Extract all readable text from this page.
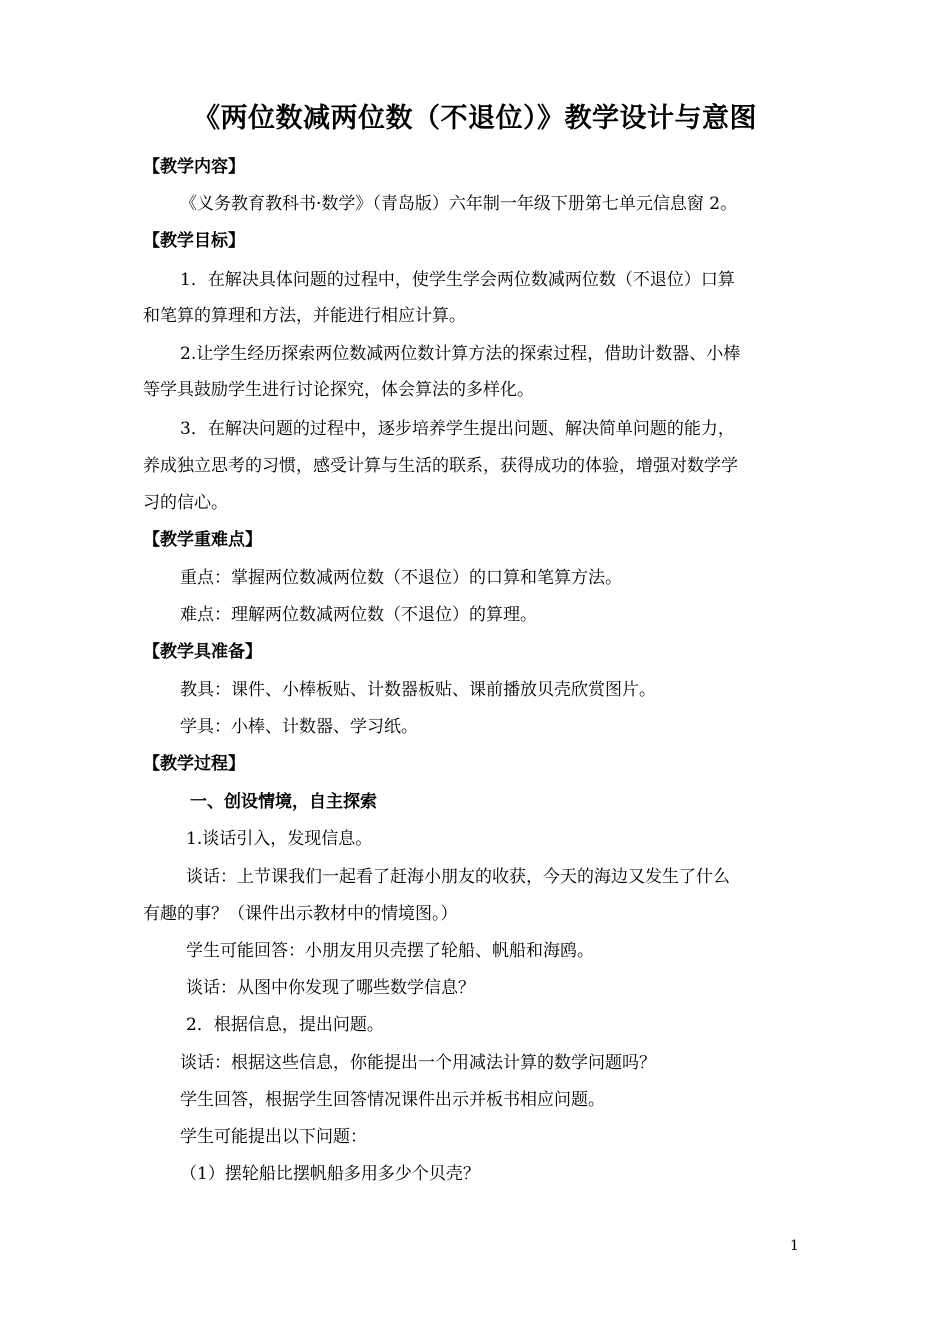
《两位数减两位数（不退位）》教学设计与意图
【教学内容】
《义务教育教科书·数学》（青岛版）六年制一年级下册第七单元信息窗 2。
【教学目标】
1．在解决具体问题的过程中，使学生学会两位数减两位数（不退位）口算
和笔算的算理和方法，并能进行相应计算。
2.让学生经历探索两位数减两位数计算方法的探索过程，借助计数器、小棒
等学具鼓励学生进行讨论探究，体会算法的多样化。
3．在解决问题的过程中，逐步培养学生提出问题、解决简单问题的能力，
养成独立思考的习惯，感受计算与生活的联系，获得成功的体验，增强对数学学
习的信心。
【教学重难点】
重点：掌握两位数减两位数（不退位）的口算和笔算方法。
难点：理解两位数减两位数（不退位）的算理。
【教学具准备】
教具：课件、小棒板贴、计数器板贴、课前播放贝壳欣赏图片。
学具：小棒、计数器、学习纸。
【教学过程】
一、创设情境，自主探索
1.谈话引入，发现信息。
谈话：上节课我们一起看了赶海小朋友的收获，今天的海边又发生了什么
有趣的事？（课件出示教材中的情境图。）
学生可能回答：小朋友用贝壳摆了轮船、帆船和海鸥。
谈话：从图中你发现了哪些数学信息？
2．根据信息，提出问题。
谈话：根据这些信息，你能提出一个用减法计算的数学问题吗？
学生回答，根据学生回答情况课件出示并板书相应问题。
学生可能提出以下问题：
（1）摆轮船比摆帆船多用多少个贝壳？
1
